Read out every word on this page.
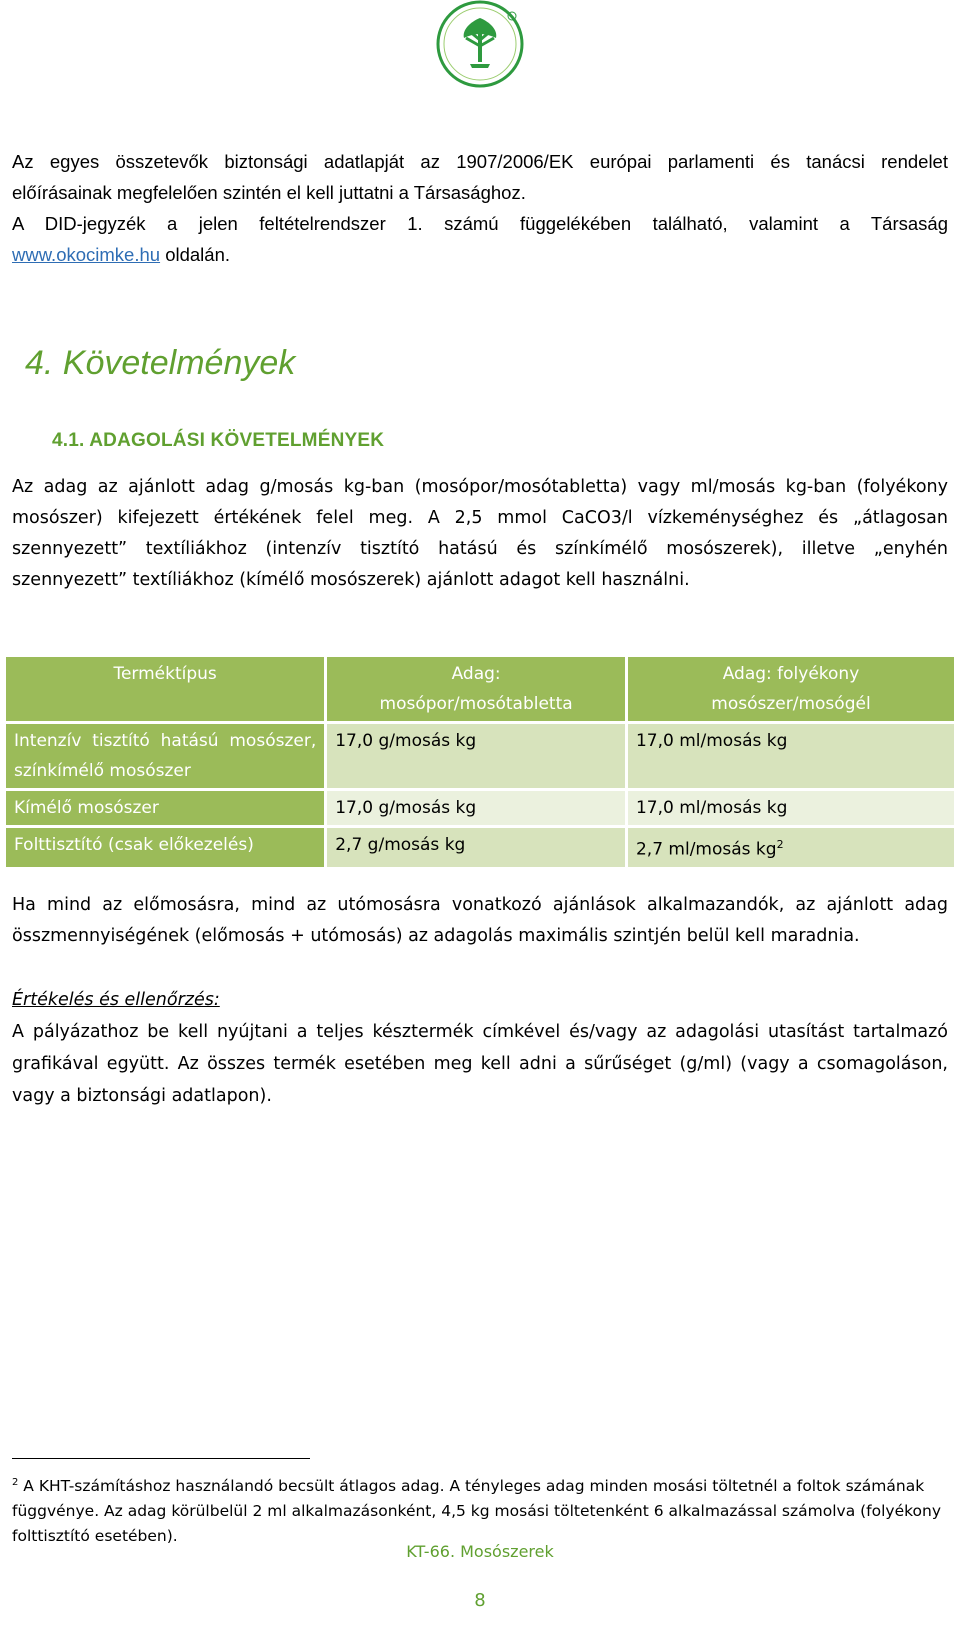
Az egyes összetevők biztonsági adatlapját az 1907/2006/EK európai parlamenti és tanácsi rendelet

előírásainak megfelelően szintén el kell juttatni a Társasághoz.

A DID-jegyzék a jelen feltételrendszer 1. számú függelékében található, valamint a Társaság

www.okocimke.hu oldalán.

4. Követelmények
4.1. ADAGOLÁSI KÖVETELMÉNYEK

Az adag az ajánlott adag g/mosás kg-ban (mosópor/mosótabletta) vagy ml/mosás kg-ban (folyékony mosószer) kifejezett értékének felel meg. A 2,5 mmol CaCO3/l vízkeménységhez és „átlagosan szennyezett” textíliákhoz (intenzív tisztító hatású és színkímélő mosószerek), illetve „enyhén szennyezett” textíliákhoz (kímélő mosószerek) ajánlott adagot kell használni.

Terméktípus	Adag: mosópor/mosótabletta	Adag: folyékony mosószer/mosógél
Intenzív tisztító hatású mosószer, színkímélő mosószer	17,0 g/mosás kg	17,0 ml/mosás kg
Kímélő mosószer	17,0 g/mosás kg	17,0 ml/mosás kg
Folttisztító (csak előkezelés)	2,7 g/mosás kg	2,7 ml/mosás $kg^2$

Ha mind az előmosásra, mind az utómosásra vonatkozó ajánlások alkalmazandók, az ajánlott adag összmennyiségének (előmosás + utómosás) az adagolás maximális szintjén belül kell maradnia.

Értékelés és ellenőrzés:

A pályázathoz be kell nyújtani a teljes késztermék címkével és/vagy az adagolási utasítást tartalmazó grafikával együtt. Az összes termék esetében meg kell adni a sűrűséget (g/ml) (vagy a csomagoláson, vagy a biztonsági adatlapon).

$^2$ A KHT-számításhoz használandó becsült átlagos adag. A tényleges adag minden mosási töltetnél a foltok számának függvénye. Az adag körülbelül 2 ml alkalmazásonként, 4,5 kg mosási töltetenként 6 alkalmazással számolva (folyékony folttisztító esetében).
KT-66. Mosószerek
8
